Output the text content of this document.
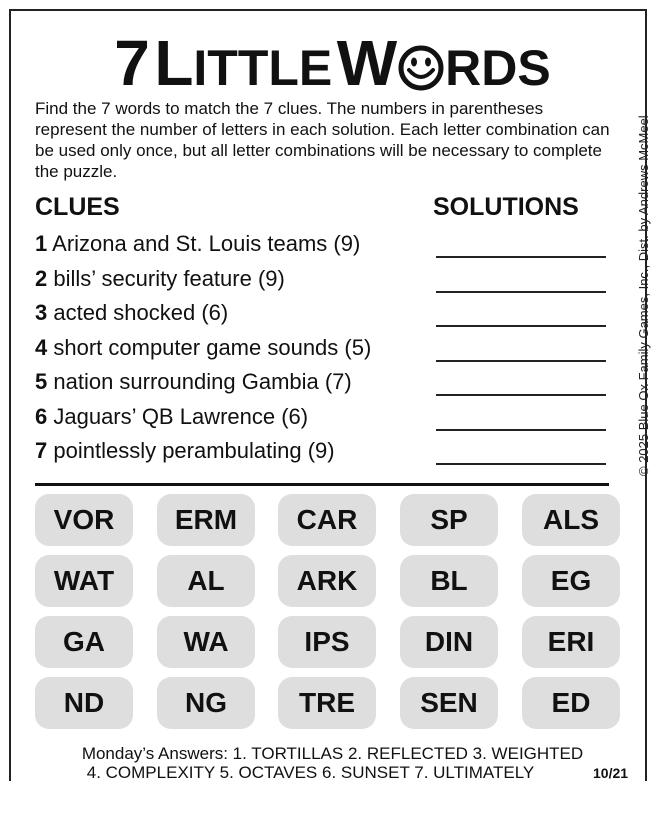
7 LITTLE W RDS
Find the 7 words to match the 7 clues. The numbers in parentheses represent the number of letters in each solution. Each letter combination can be used only once, but all letter combinations will be necessary to complete the puzzle.	© 2025 Blue Ox Family Games, Inc., Dist. by Andrews McMeel
CLUES	SOLUTIONS
1 Arizona and St. Louis teams (9)
2 bills’ security feature (9)
3 acted shocked (6)
4 short computer game sounds (5)
5 nation surrounding Gambia (7)
6 Jaguars’ QB Lawrence (6)
7 pointlessly perambulating (9)
VOR	ERM	CAR	SP	ALS
WAT	AL	ARK	BL	EG
GA	WA	IPS	DIN	ERI
ND	NG	TRE	SEN	ED
Monday’s Answers: 1. TORTILLAS 2. REFLECTED 3. WEIGHTED
4. COMPLEXITY 5. OCTAVES 6. SUNSET 7. ULTIMATELY	10/21
